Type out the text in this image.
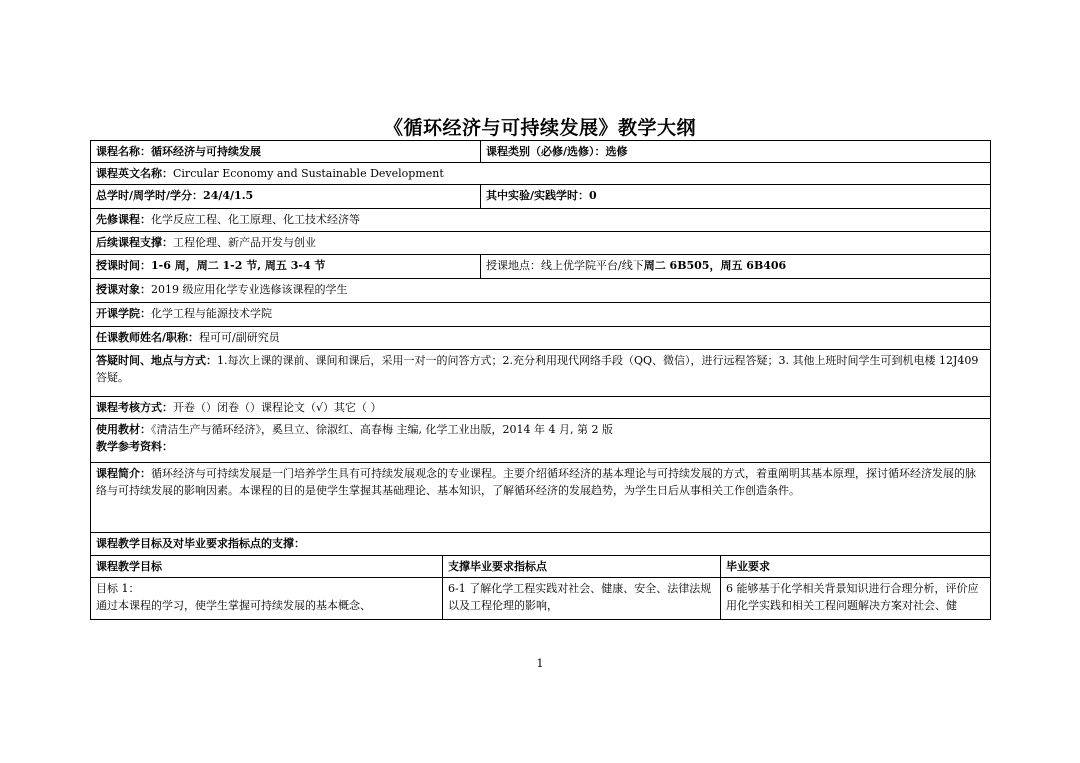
《循环经济与可持续发展》教学大纲
课程名称：循环经济与可持续发展		课程类别（必修/选修）：选修	
课程英文名称：Circular Economy and Sustainable Development			
总学时/周学时/学分：24/4/1.5		其中实验/实践学时：0	
先修课程：化学反应工程、化工原理、化工技术经济等			
后续课程支撑：工程伦理、新产品开发与创业			
授课时间：1-6 周，周二 1-2 节, 周五 3-4 节		授课地点：线上优学院平台/线下周二 6B505，周五 6B406	
授课对象：2019 级应用化学专业选修该课程的学生			
开课学院：化学工程与能源技术学院			
任课教师姓名/职称：程可可/副研究员			
答疑时间、地点与方式：1.每次上课的课前、课间和课后，采用一对一的问答方式；2.充分利用现代网络手段（QQ、微信），进行远程答疑；3. 其他上班时间学生可到机电楼 12J409 答疑。			
课程考核方式：开卷（）闭卷（）课程论文（√）其它（ ）			

使用教材：《清洁生产与循环经济》，奚旦立、徐淑红、高春梅 主编, 化学工业出版，2014 年 4 月, 第 2 版
教学参考资料：			

课程简介：循环经济与可持续发展是一门培养学生具有可持续发展观念的专业课程。主要介绍循环经济的基本理论与可持续发展的方式，着重阐明其基本原理，探讨循环经济发展的脉络与可持续发展的影响因素。本课程的目的是使学生掌握其基础理论、基本知识，了解循环经济的发展趋势，为学生日后从事相关工作创造条件。			
课程教学目标及对毕业要求指标点的支撑：			
课程教学目标	支撑毕业要求指标点		毕业要求

目标 1：
通过本课程的学习，使学生掌握可持续发展的基本概念、	6-1 了解化学工程实践对社会、健康、安全、法律法规以及工程伦理的影响，		6 能够基于化学相关背景知识进行合理分析，评价应用化学实践和相关工程问题解决方案对社会、健
1
